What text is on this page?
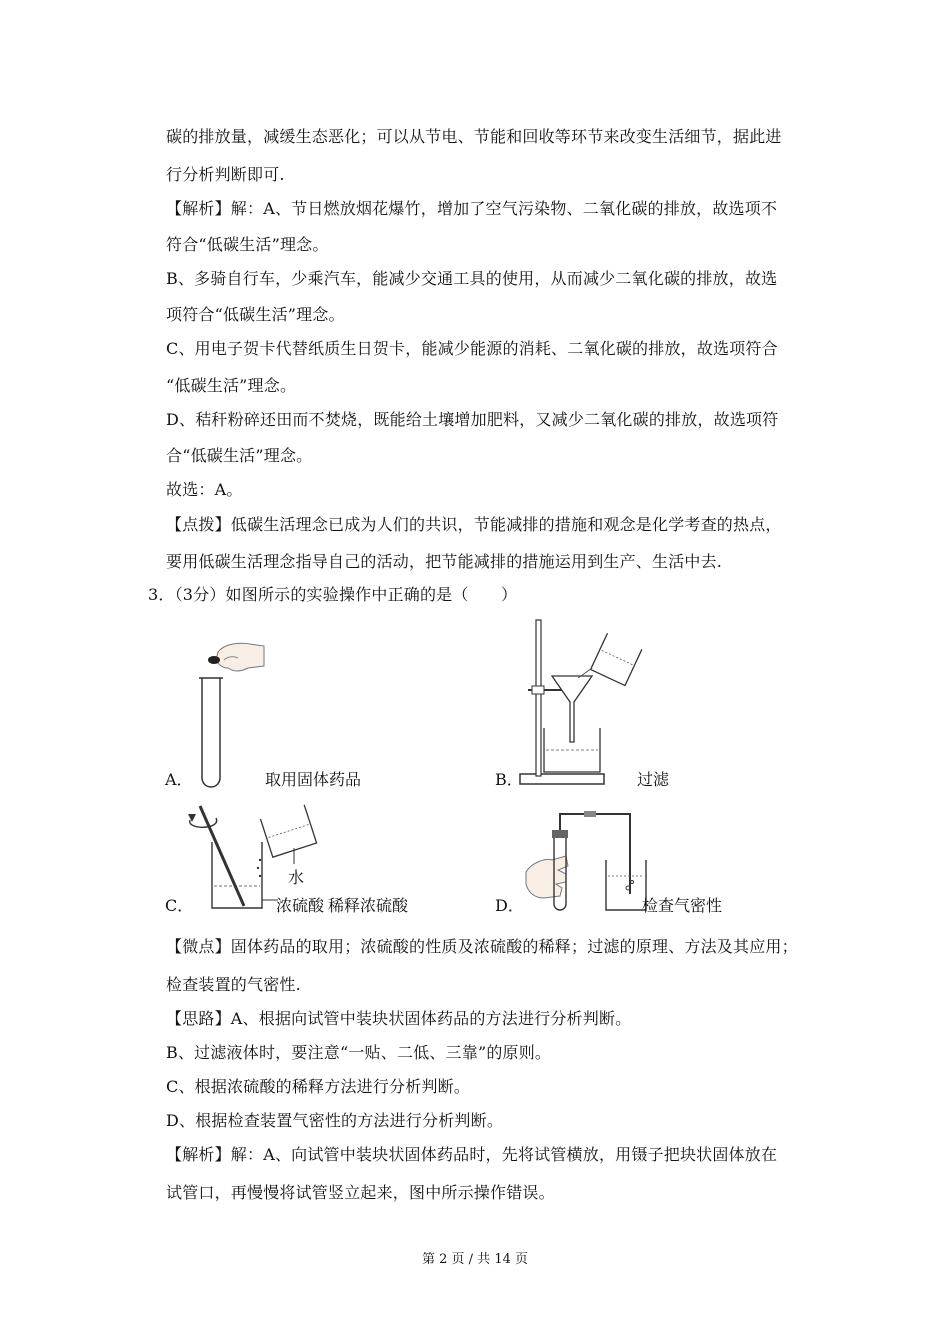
碳的排放量，减缓生态恶化；可以从节电、节能和回收等环节来改变生活细节，据此进
行分析判断即可.
【解析】解：A、节日燃放烟花爆竹，增加了空气污染物、二氧化碳的排放，故选项不
符合“低碳生活”理念。
B、多骑自行车，少乘汽车，能减少交通工具的使用，从而减少二氧化碳的排放，故选
项符合“低碳生活”理念。
C、用电子贺卡代替纸质生日贺卡，能减少能源的消耗、二氧化碳的排放，故选项符合
“低碳生活”理念。
D、秸秆粉碎还田而不焚烧，既能给土壤增加肥料，又减少二氧化碳的排放，故选项符
合“低碳生活”理念。
故选：A。
【点拨】低碳生活理念已成为人们的共识，节能减排的措施和观念是化学考查的热点，
要用低碳生活理念指导自己的活动，把节能减排的措施运用到生产、生活中去.
3．（3分）如图所示的实验操作中正确的是（　　）
A．	取用固体药品	B．	过滤
水
C．	浓硫酸 稀释浓硫酸	D．	检查气密性
【微点】固体药品的取用；浓硫酸的性质及浓硫酸的稀释；过滤的原理、方法及其应用；
检查装置的气密性.
【思路】A、根据向试管中装块状固体药品的方法进行分析判断。
B、过滤液体时，要注意“一贴、二低、三靠”的原则。
C、根据浓硫酸的稀释方法进行分析判断。
D、根据检查装置气密性的方法进行分析判断。
【解析】解：A、向试管中装块状固体药品时，先将试管横放，用镊子把块状固体放在
试管口，再慢慢将试管竖立起来，图中所示操作错误。
第 2 页 / 共 14 页
